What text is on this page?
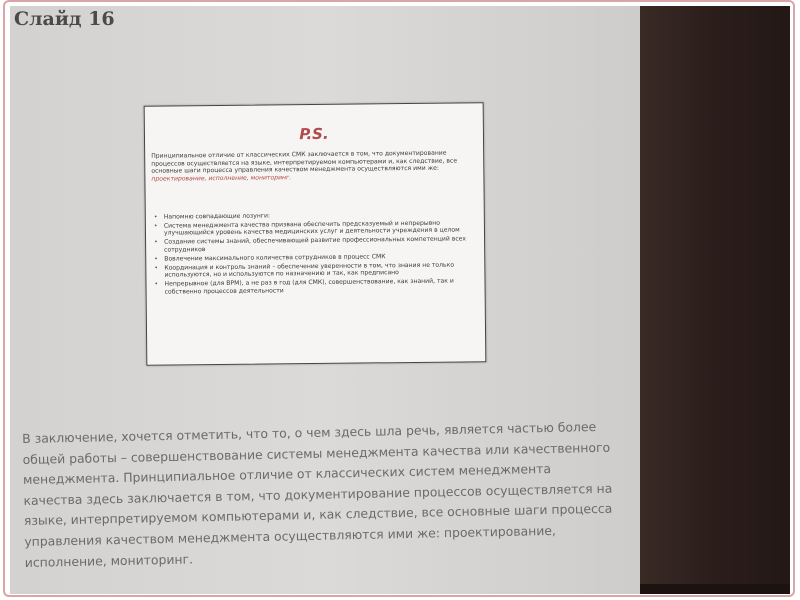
Слайд 16
P.S.
Принципиальное отличие от классических СМК заключается в том, что документирование процессов осуществляется на языке, интерпретируемом компьютерами и, как следствие, все основные шаги процесса управления качеством менеджмента осуществляются ими же: проектирование, исполнение, мониторинг.
• Напомню совпадающие лозунги:
• Система менеджмента качества призвана обеспечить предсказуемый и непрерывно улучшающийся уровень качества медицинских услуг и деятельности учреждения в целом
• Создание системы знаний, обеспечивающей развитие профессиональных компетенций всех сотрудников
• Вовлечение максимального количества сотрудников в процесс СМК
• Координация и контроль знаний – обеспечение уверенности в том, что знания не только используются, но и используются по назначению и так, как предписано
• Непрерывное (для BPM), а не раз в год (для СМК), совершенствование, как знаний, так и собственно процессов деятельности
В заключение, хочется отметить, что то, о чем здесь шла речь, является частью более общей работы – совершенствование системы менеджмента качества или качественного менеджмента. Принципиальное отличие от классических систем менеджмента качества здесь заключается в том, что документирование процессов осуществляется на языке, интерпретируемом компьютерами и, как следствие, все основные шаги процесса управления качеством менеджмента осуществляются ими же: проектирование, исполнение, мониторинг.
